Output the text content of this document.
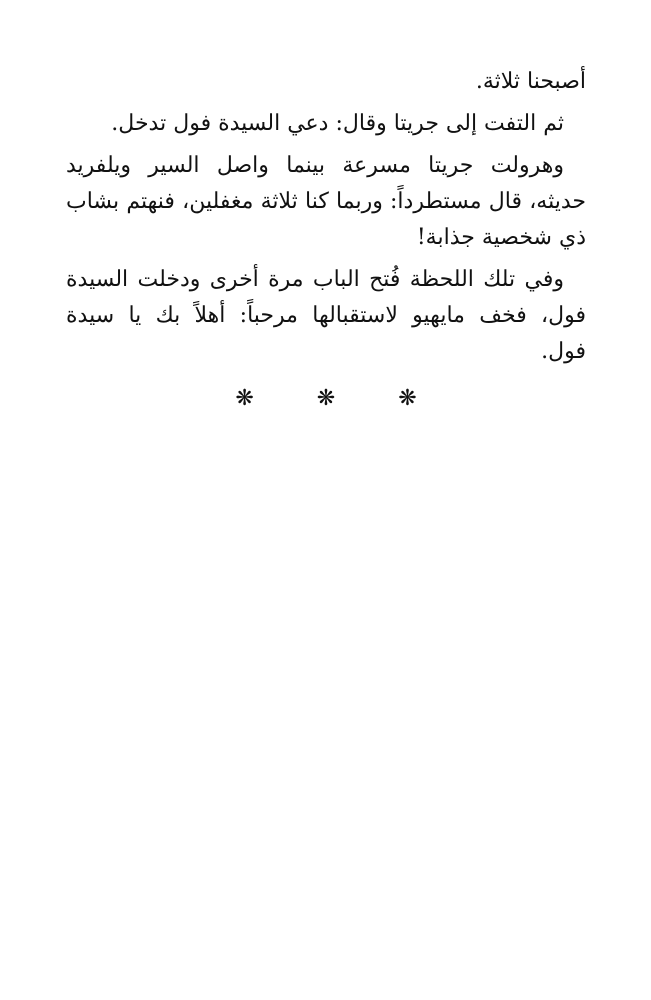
أصبحنا ثلاثة.
ثم التفت إلى جريتا وقال: دعي السيدة فول تدخل.
وهرولت جريتا مسرعة بينما واصل السير ويلفريد
حديثه، قال مستطرداً: وربما كنا ثلاثة مغفلين، فنهتم بشاب
ذي شخصية جذابة!
وفي تلك اللحظة فُتح الباب مرة أخرى ودخلت السيدة
فول، فخف مايهيو لاستقبالها مرحباً: أهلاً بك يا سيدة
فول.
❋ ❋ ❋
